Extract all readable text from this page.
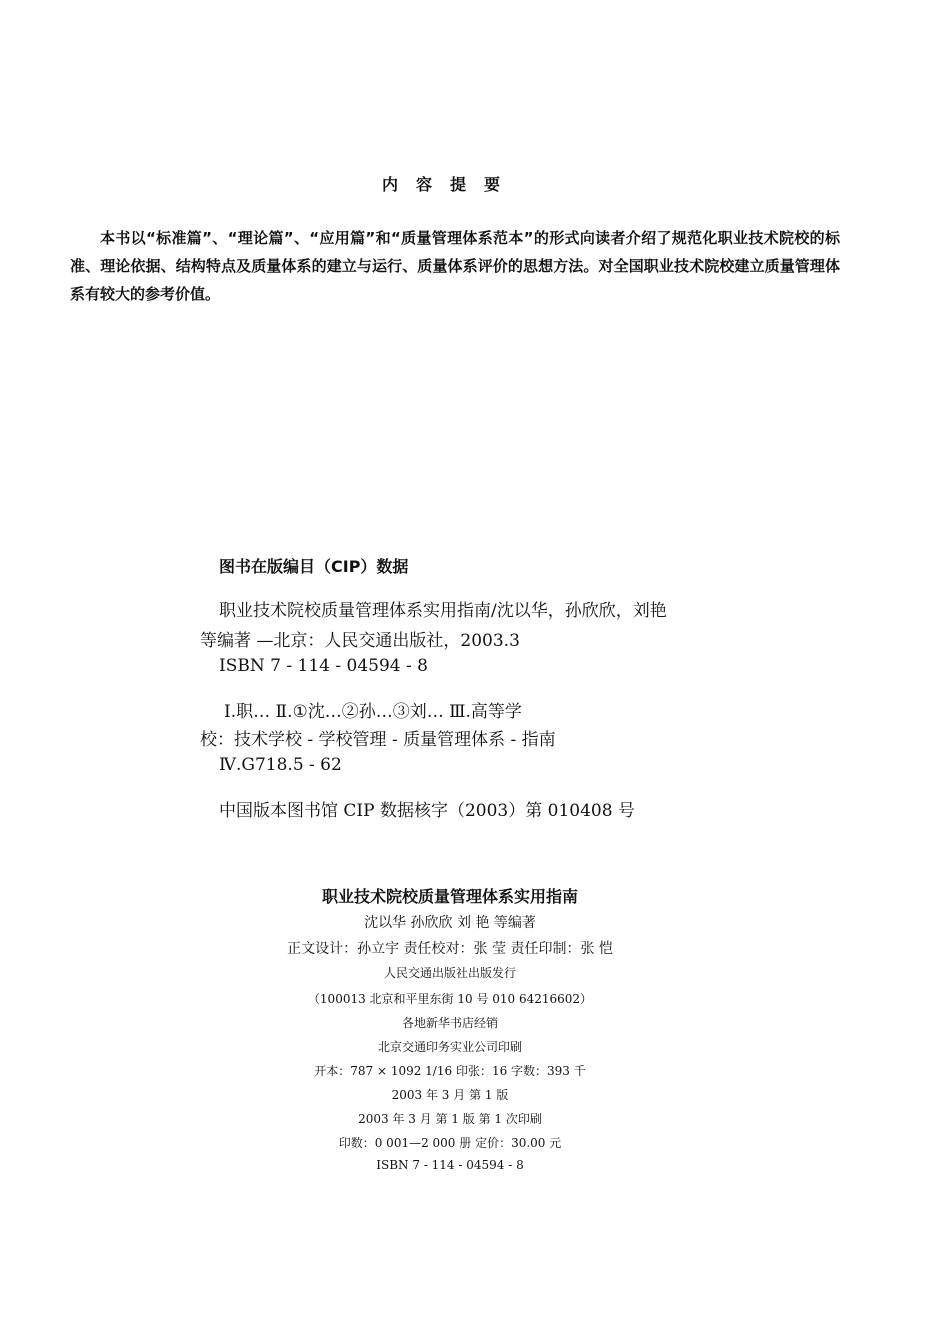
内容提要
本书以“标准篇”、“理论篇”、“应用篇”和“质量管理体系范本”的形式向读者介绍了规范化职业技术院校的标准、理论依据、结构特点及质量体系的建立与运行、质量体系评价的思想方法。对全国职业技术院校建立质量管理体系有较大的参考价值。
图书在版编目（CIP）数据
职业技术院校质量管理体系实用指南/沈以华，孙欣欣，刘艳
等编著 —北京：人民交通出版社，2003.3
ISBN 7 - 114 - 04594 - 8
Ⅰ.职… Ⅱ.①沈…②孙…③刘… Ⅲ.高等学
校：技术学校 - 学校管理 - 质量管理体系 - 指南
Ⅳ.G718.5 - 62
中国版本图书馆 CIP 数据核字（2003）第 010408 号
职业技术院校质量管理体系实用指南
沈以华 孙欣欣 刘 艳 等编著
正文设计：孙立宇 责任校对：张 莹 责任印制：张 恺
人民交通出版社出版发行
（100013 北京和平里东街 10 号 010 64216602）
各地新华书店经销
北京交通印务实业公司印刷
开本：787 × 1092 1/16 印张：16 字数：393 千
2003 年 3 月 第 1 版
2003 年 3 月 第 1 版 第 1 次印刷
印数：0 001—2 000 册 定价：30.00 元
ISBN 7 - 114 - 04594 - 8
